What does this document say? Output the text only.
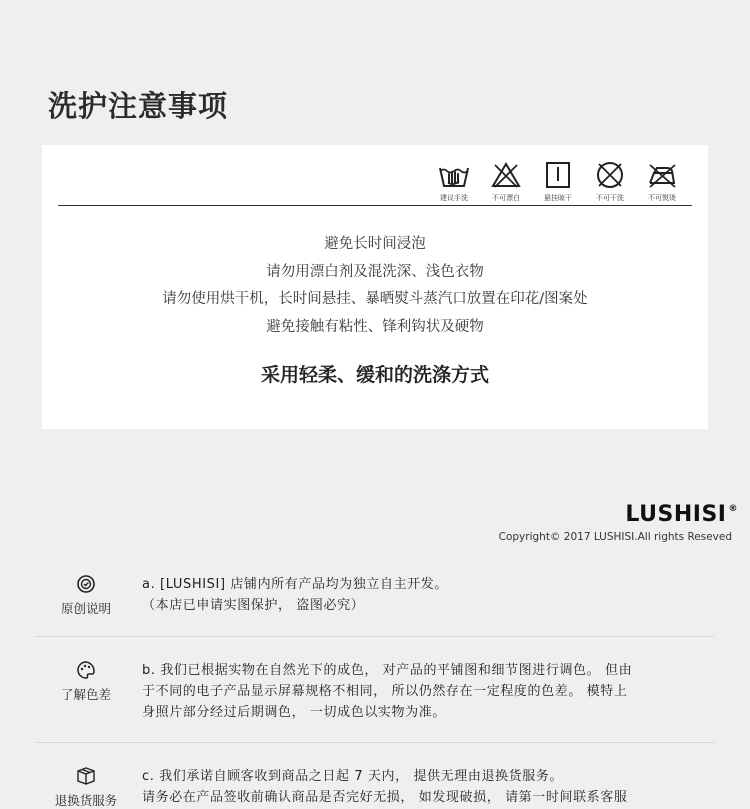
洗护注意事项
建议手洗	不可漂白	悬挂晾干	不可干洗	不可熨烫
避免长时间浸泡
请勿用漂白剂及混洗深、浅色衣物
请勿使用烘干机，长时间悬挂、暴晒熨斗蒸汽口放置在印花/图案处
避免接触有粘性、锋利钩状及硬物
采用轻柔、缓和的洗涤方式
LUSHISI ®
Copyright© 2017 LUSHISI.All rights Reseved
原创说明
a. [LUSHISI] 店铺内所有产品均为独立自主开发。
（本店已申请实图保护， 盗图必究）
了解色差
b. 我们已根据实物在自然光下的成色， 对产品的平铺图和细节图进行调色。 但由
于不同的电子产品显示屏幕规格不相同， 所以仍然存在一定程度的色差。 模特上
身照片部分经过后期调色， 一切成色以实物为准。
退换货服务
c. 我们承诺自顾客收到商品之日起 7 天内， 提供无理由退换货服务。
请务必在产品签收前确认商品是否完好无损， 如发现破损， 请第一时间联系客服
